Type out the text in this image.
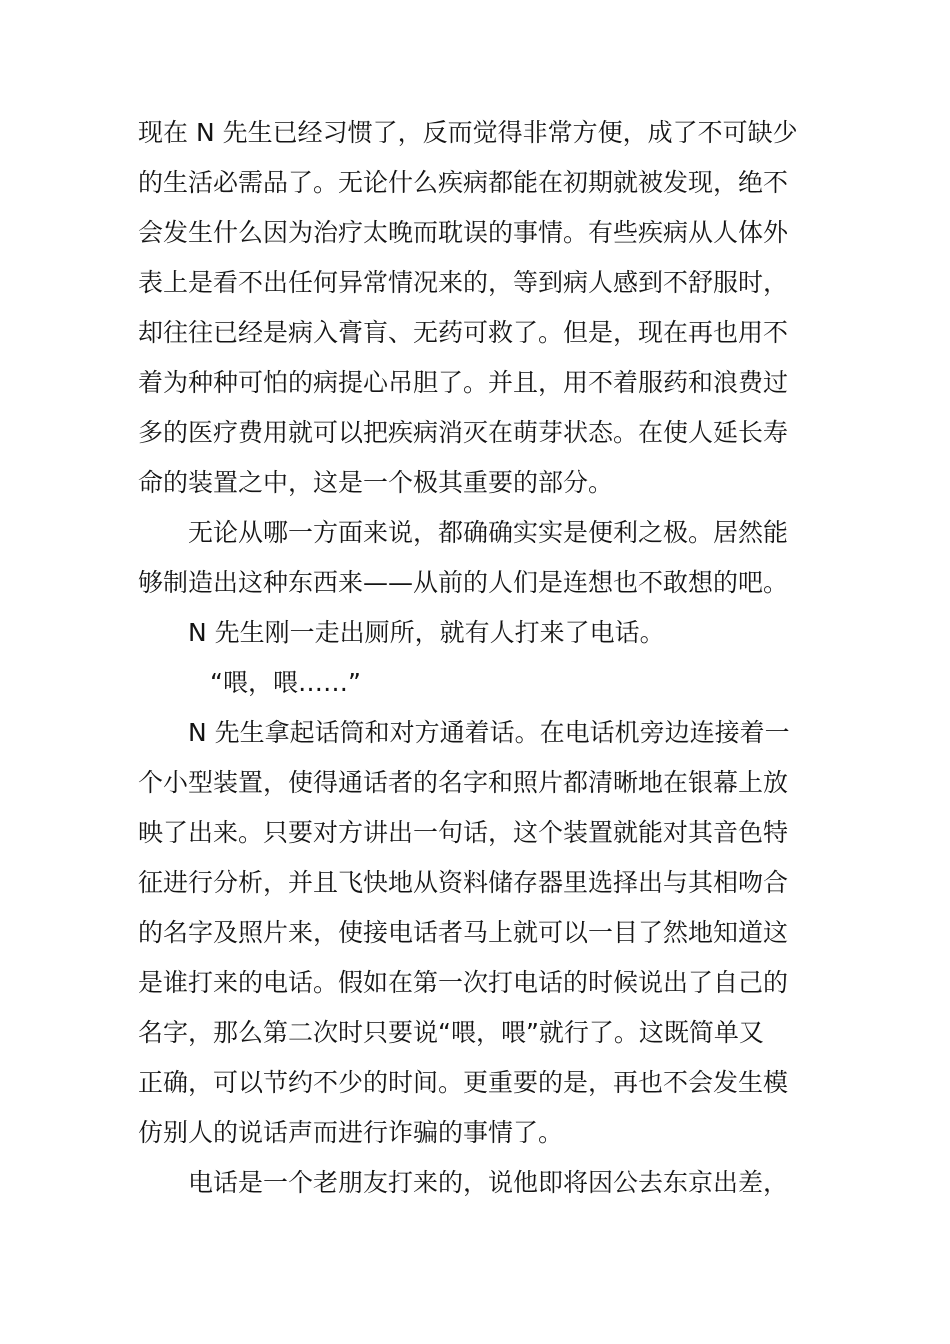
现在 N 先生已经习惯了，反而觉得非常方便，成了不可缺少
的生活必需品了。无论什么疾病都能在初期就被发现，绝不
会发生什么因为治疗太晚而耽误的事情。有些疾病从人体外
表上是看不出任何异常情况来的，等到病人感到不舒服时，
却往往已经是病入膏肓、无药可救了。但是，现在再也用不
着为种种可怕的病提心吊胆了。并且，用不着服药和浪费过
多的医疗费用就可以把疾病消灭在萌芽状态。在使人延长寿
命的装置之中，这是一个极其重要的部分。
无论从哪一方面来说，都确确实实是便利之极。居然能
够制造出这种东西来——从前的人们是连想也不敢想的吧。
N 先生刚一走出厕所，就有人打来了电话。
“喂，喂……”
N 先生拿起话筒和对方通着话。在电话机旁边连接着一
个小型装置，使得通话者的名字和照片都清晰地在银幕上放
映了出来。只要对方讲出一句话，这个装置就能对其音色特
征进行分析，并且飞快地从资料储存器里选择出与其相吻合
的名字及照片来，使接电话者马上就可以一目了然地知道这
是谁打来的电话。假如在第一次打电话的时候说出了自己的
名字，那么第二次时只要说“喂，喂”就行了。这既简单又
正确，可以节约不少的时间。更重要的是，再也不会发生模
仿别人的说话声而进行诈骗的事情了。
电话是一个老朋友打来的，说他即将因公去东京出差，
